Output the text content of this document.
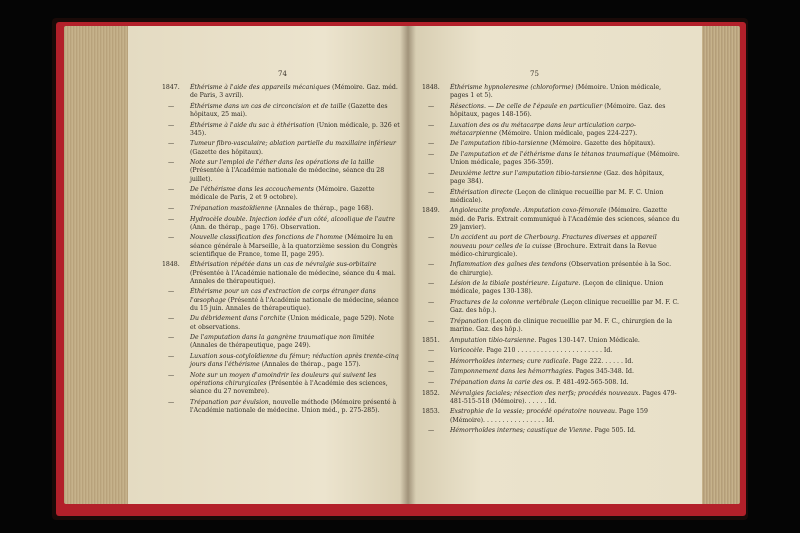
74
1847.	Éthérisme à l'aide des appareils mécaniques (Mémoire. Gaz. méd. de Paris, 3 avril).
—	Éthérisme dans un cas de circoncision et de taille (Gazette des hôpitaux, 25 mai).
—	Éthérisme à l'aide du sac à éthérisation (Union médicale, p. 326 et 345).
—	Tumeur fibro-vasculaire; ablation partielle du maxillaire inférieur (Gazette des hôpitaux).
—	Note sur l'emploi de l'éther dans les opérations de la taille (Présentée à l'Académie nationale de médecine, séance du 28 juillet).
—	De l'éthérisme dans les accouchements (Mémoire. Gazette médicale de Paris, 2 et 9 octobre).
—	Trépanation mastoïdienne (Annales de thérap., page 168).
—	Hydrocèle double. Injection iodée d'un côté, alcoolique de l'autre (Ann. de thérap., page 176). Observation.
—	Nouvelle classification des fonctions de l'homme (Mémoire lu en séance générale à Marseille, à la quatorzième session du Congrès scientifique de France, tome II, page 295).
1848.	Éthérisation répétée dans un cas de névralgie sus-orbitaire (Présentée à l'Académie nationale de médecine, séance du 4 mai. Annales de thérapeutique).
—	Éthérisme pour un cas d'extraction de corps étranger dans l'œsophage (Présenté à l'Académie nationale de médecine, séance du 15 juin. Annales de thérapeutique).
—	Du débridement dans l'orchite (Union médicale, page 529). Note et observations.
—	De l'amputation dans la gangrène traumatique non limitée (Annales de thérapeutique, page 249).
—	Luxation sous-cotyloïdienne du fémur; réduction après trente-cinq jours dans l'éthérisme (Annales de thérap., page 157).
—	Note sur un moyen d'amoindrir les douleurs qui suivent les opérations chirurgicales (Présentée à l'Académie des sciences, séance du 27 novembre).
—	Trépanation par évulsion, nouvelle méthode (Mémoire présenté à l'Académie nationale de médecine. Union méd., p. 275-285).
75
1848.	Éthérisme hypnoleresme (chloroforme) (Mémoire. Union médicale, pages 1 et 5).
—	Résections. — De celle de l'épaule en particulier (Mémoire. Gaz. des hôpitaux, pages 148-156).
—	Luxation des os du métacarpe dans leur articulation carpo-métacarpienne (Mémoire. Union médicale, pages 224-227).
—	De l'amputation tibio-tarsienne (Mémoire. Gazette des hôpitaux).
—	De l'amputation et de l'éthérisme dans le tétanos traumatique (Mémoire. Union médicale, pages 356-359).
—	Deuxième lettre sur l'amputation tibio-tarsienne (Gaz. des hôpitaux, page 384).
—	Éthérisation directe (Leçon de clinique recueillie par M. F. C. Union médicale).
1849.	Angioleucite profonde. Amputation coxo-fémorale (Mémoire. Gazette méd. de Paris. Extrait communiqué à l'Académie des sciences, séance du 29 janvier).
—	Un accident au port de Cherbourg. Fractures diverses et appareil nouveau pour celles de la cuisse (Brochure. Extrait dans la Revue médico-chirurgicale).
—	Inflammation des gaînes des tendons (Observation présentée à la Soc. de chirurgie).
—	Lésion de la tibiale postérieure. Ligature. (Leçon de clinique. Union médicale, pages 130-138).
—	Fractures de la colonne vertébrale (Leçon clinique recueillie par M. F. C. Gaz. des hôp.).
—	Trépanation (Leçon de clinique recueillie par M. F. C., chirurgien de la marine. Gaz. des hôp.).
1851.	Amputation tibio-tarsienne. Pages 130-147. Union Médicale.
—	Varicocèle. Page 210 . . . . . . . . . . . . . . . . . . . . . . Id.
—	Hémorrhoïdes internes; cure radicale. Page 222. . . . . . Id.
—	Tamponnement dans les hémorrhagies. Pages 345-348. Id.
—	Trépanation dans la carie des os. P. 481-492-565-508. Id.
1852.	Névralgies faciales; résection des nerfs; procédés nouveaux. Pages 479-481-515-518 (Mémoire). . . . . . Id.
1853.	Exstrophie de la vessie; procédé opératoire nouveau. Page 159 (Mémoire). . . . . . . . . . . . . . . . Id.
—	Hémorrhoïdes internes; caustique de Vienne. Page 505. Id.
